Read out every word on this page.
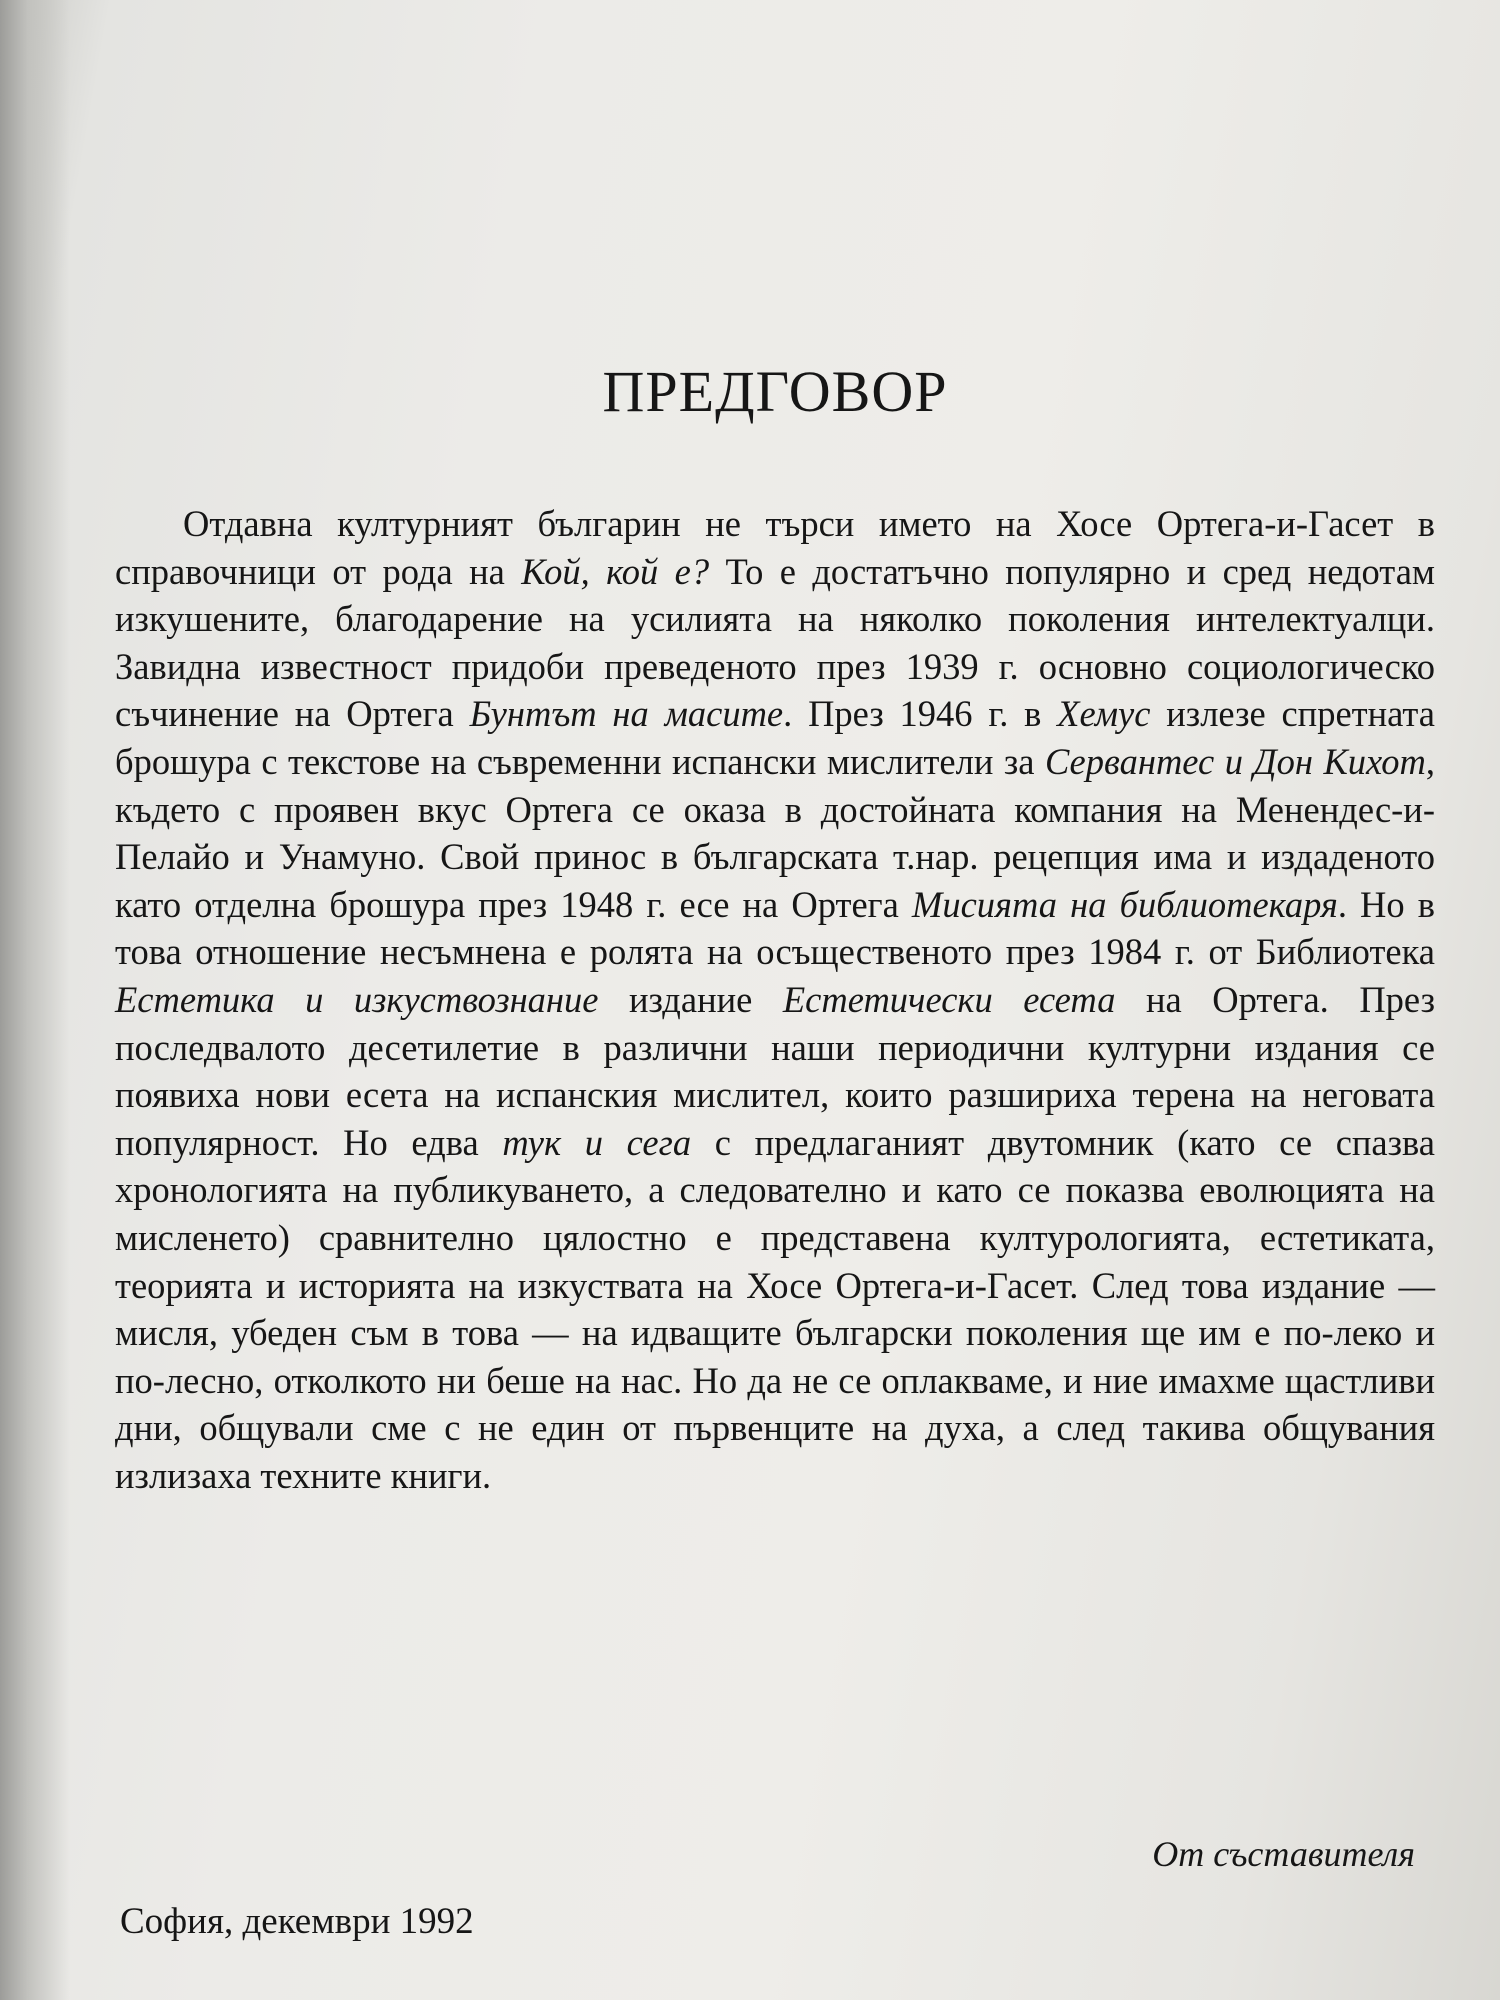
ПРЕДГОВОР

Отдавна културният българин не търси името на Хосе Ортега-и-Гасет в справочници от рода на Кой, кой е? То е достатъчно популярно и сред недотам изкушените, благодарение на усилията на няколко поколения интелектуалци. Завидна известност придоби преведеното през 1939 г. основно социологическо съчинение на Ортега Бунтът на масите. През 1946 г. в Хемус излезе спретната брошура с текстове на съвременни испански мислители за Сервантес и Дон Кихот, където с проявен вкус Ортега се оказа в достойната компания на Менендес-и-Пелайо и Унамуно. Свой принос в българската т.нар. рецепция има и издаденото като отделна брошура през 1948 г. есе на Ортега Мисията на библиотекаря. Но в това отношение несъмнена е ролята на осъщественото през 1984 г. от Библиотека Естетика и изкуствознание издание Естетически есета на Ортега. През последвалото десетилетие в различни наши периодични културни издания се появиха нови есета на испанския мислител, които разшириха терена на неговата популярност. Но едва тук и сега с предлаганият двутомник (като се спазва хронологията на публикуването, а следователно и като се показва еволюцията на мисленето) сравнително цялостно е представена културологията, естетиката, теорията и историята на изкуствата на Хосе Ортега-и-Гасет. След това издание — мисля, убеден съм в това — на идващите български поколения ще им е по-леко и по-лесно, отколкото ни беше на нас. Но да не се оплакваме, и ние имахме щастливи дни, общували сме с не един от първенците на духа, а след такива общувания излизаха техните книги.

От съставителя

София, декември 1992
